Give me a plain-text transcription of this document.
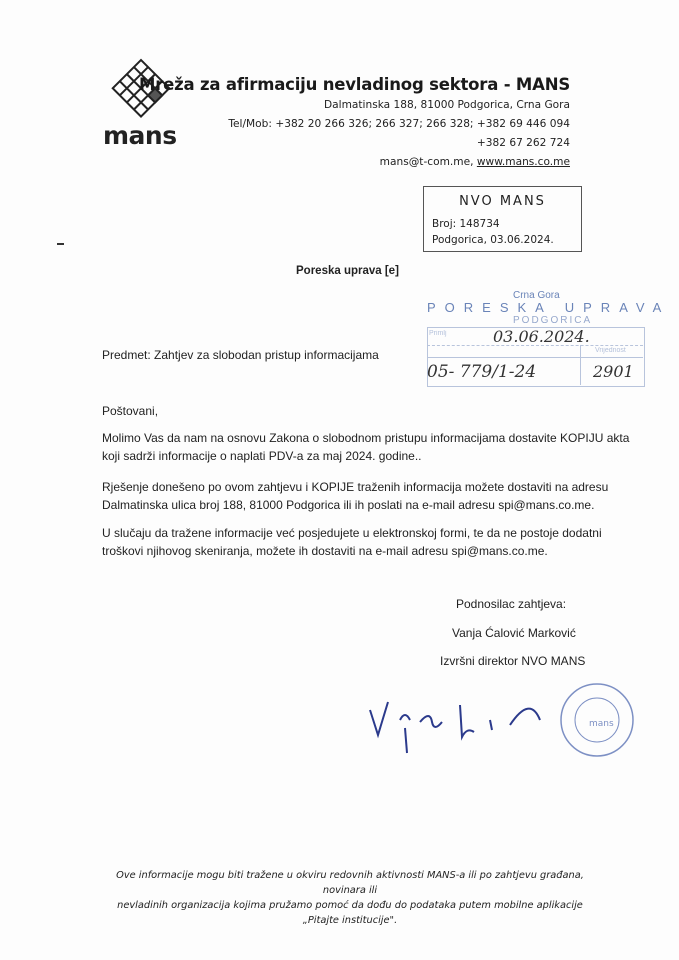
mans
Mreža za afirmaciju nevladinog sektora - MANS
Dalmatinska 188, 81000 Podgorica, Crna Gora
Tel/Mob: +382 20 266 326; 266 327; 266 328; +382 69 446 094
+382 67 262 724
mans@t-com.me, www.mans.co.me
NVO MANS
Broj: 148734
Podgorica, 03.06.2024.
Poreska uprava [e]
Crna Gora
PORESKA UPRAVA
PODGORICA
Primlj
Vrijednost
03.06.2024.
05- 779/1-24	2901
Predmet: Zahtjev za slobodan pristup informacijama
Poštovani,
Molimo Vas da nam na osnovu Zakona o slobodnom pristupu informacijama dostavite KOPIJU akta
koji sadrži informacije o naplati PDV-a za maj 2024. godine..
Rješenje donešeno po ovom zahtjevu i KOPIJE traženih informacija možete dostaviti na adresu
Dalmatinska ulica broj 188, 81000 Podgorica ili ih poslati na e-mail adresu spi@mans.co.me.
U slučaju da tražene informacije već posjedujete u elektronskoj formi, te da ne postoje dodatni
troškovi njihovog skeniranja, možete ih dostaviti na e-mail adresu spi@mans.co.me.
Podnosilac zahtjeva:
Vanja Ćalović Marković
Izvršni direktor NVO MANS
mans
Ove informacije mogu biti tražene u okviru redovnih aktivnosti MANS-a ili po zahtjevu građana, novinara ili
nevladinih organizacija kojima pružamo pomoć da dođu do podataka putem mobilne aplikacije
„Pitajte institucije".
